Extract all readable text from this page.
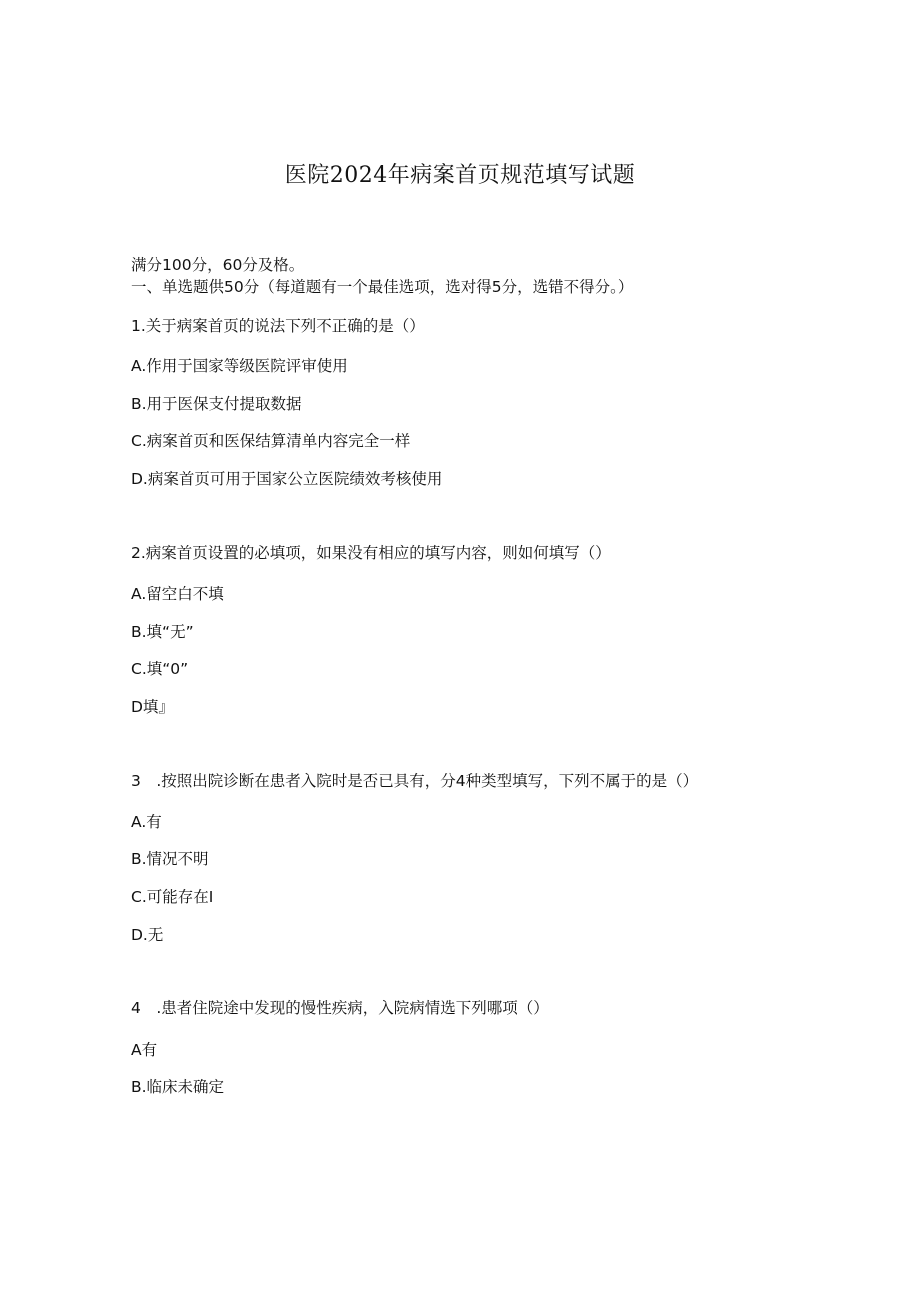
医院2024年病案首页规范填写试题
满分100分，60分及格。
一、单选题供50分（每道题有一个最佳选项，选对得5分，选错不得分。）
1.关于病案首页的说法下列不正确的是（）
A.作用于国家等级医院评审使用
B.用于医保支付提取数据
C.病案首页和医保结算清单内容完全一样
D.病案首页可用于国家公立医院绩效考核使用
2.病案首页设置的必填项，如果没有相应的填写内容，则如何填写（）
A.留空白不填
B.填“无”
C.填“0”
D填』
3　.按照出院诊断在患者入院时是否已具有，分4种类型填写，下列不属于的是（）
A.有
B.情况不明
C.可能存在I
D.无
4　.患者住院途中发现的慢性疾病，入院病情选下列哪项（）
A有
B.临床未确定
